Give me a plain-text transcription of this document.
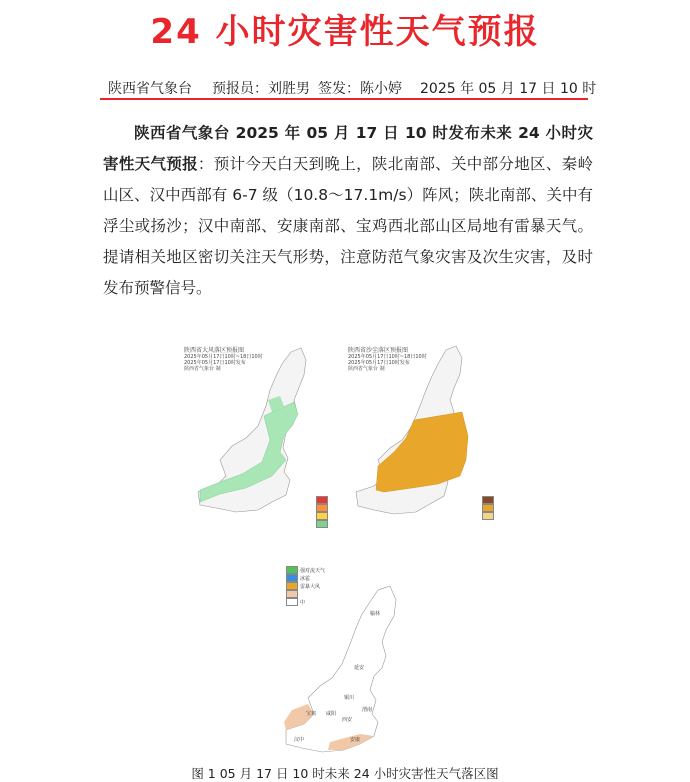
24 小时灾害性天气预报
陕西省气象台 预报员：刘胜男 签发：陈小婷 2025 年 05 月 17 日 10 时

陕西省气象台 2025 年 05 月 17 日 10 时发布未来 24 小时灾害性天气预报：预计今天白天到晚上，陕北南部、关中部分地区、秦岭山区、汉中西部有 6-7 级（10.8～17.1m/s）阵风；陕北南部、关中有浮尘或扬沙；汉中南部、安康南部、宝鸡西北部山区局地有雷暴天气。提请相关地区密切关注天气形势，注意防范气象灾害及次生灾害，及时发布预警信号。

陕西省大风落区预报图
2025年05月17日10时~18日10时
2025年05月17日10时发布
陕西省气象台 制
陕西省沙尘落区预报图
2025年05月17日10时~18日10时
2025年05月17日10时发布
陕西省气象台 制
强对流天气
冰雹
雷暴大风
中
榆林
延安
铜川
宝鸡 咸阳
西安
渭南
汉中	安康
图 1 05 月 17 日 10 时未来 24 小时灾害性天气落区图
